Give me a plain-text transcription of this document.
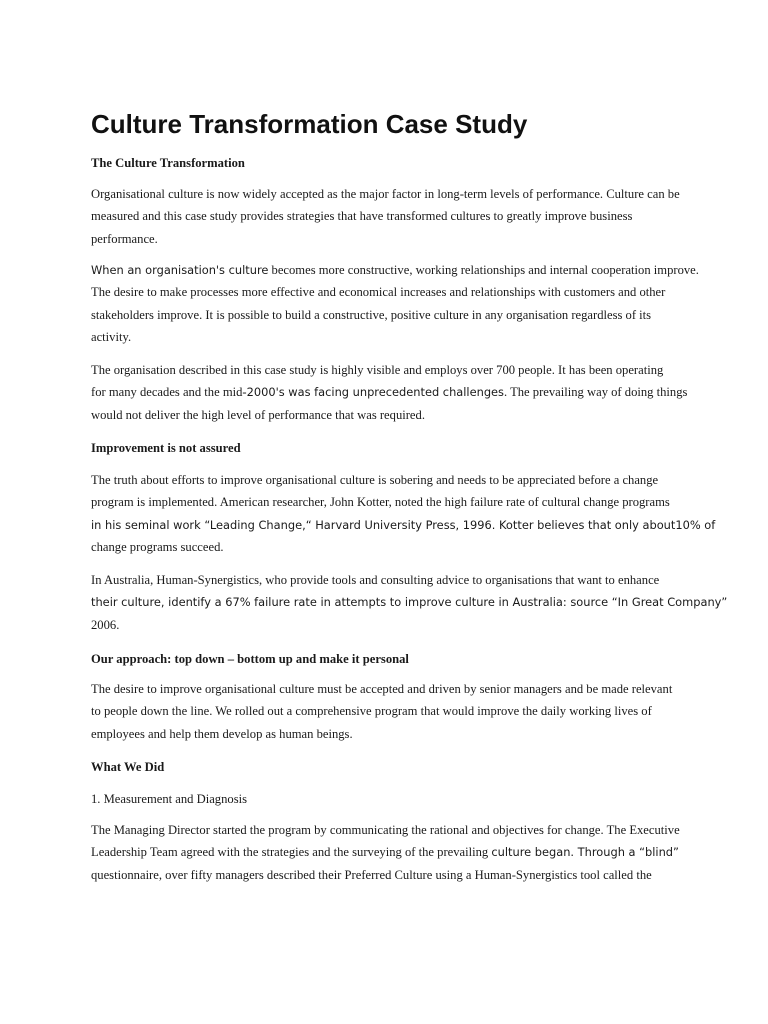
Culture Transformation Case Study
The Culture Transformation
Organisational culture is now widely accepted as the major factor in long-term levels of performance. Culture can be
measured and this case study provides strategies that have transformed cultures to greatly improve business
performance.
When an organisation's culture becomes more constructive, working relationships and internal cooperation improve.
The desire to make processes more effective and economical increases and relationships with customers and other
stakeholders improve. It is possible to build a constructive, positive culture in any organisation regardless of its
activity.
The organisation described in this case study is highly visible and employs over 700 people. It has been operating
for many decades and the mid-2000's was facing unprecedented challenges. The prevailing way of doing things
would not deliver the high level of performance that was required.
Improvement is not assured
The truth about efforts to improve organisational culture is sobering and needs to be appreciated before a change
program is implemented. American researcher, John Kotter, noted the high failure rate of cultural change programs
in his seminal work “Leading Change,“ Harvard University Press, 1996. Kotter believes that only about10% of
change programs succeed.
In Australia, Human-Synergistics, who provide tools and consulting advice to organisations that want to enhance
their culture, identify a 67% failure rate in attempts to improve culture in Australia: source “In Great Company”
2006.
Our approach: top down – bottom up and make it personal
The desire to improve organisational culture must be accepted and driven by senior managers and be made relevant
to people down the line. We rolled out a comprehensive program that would improve the daily working lives of
employees and help them develop as human beings.
What We Did
1. Measurement and Diagnosis
The Managing Director started the program by communicating the rational and objectives for change. The Executive
Leadership Team agreed with the strategies and the surveying of the prevailing culture began. Through a “blind”
questionnaire, over fifty managers described their Preferred Culture using a Human-Synergistics tool called the
